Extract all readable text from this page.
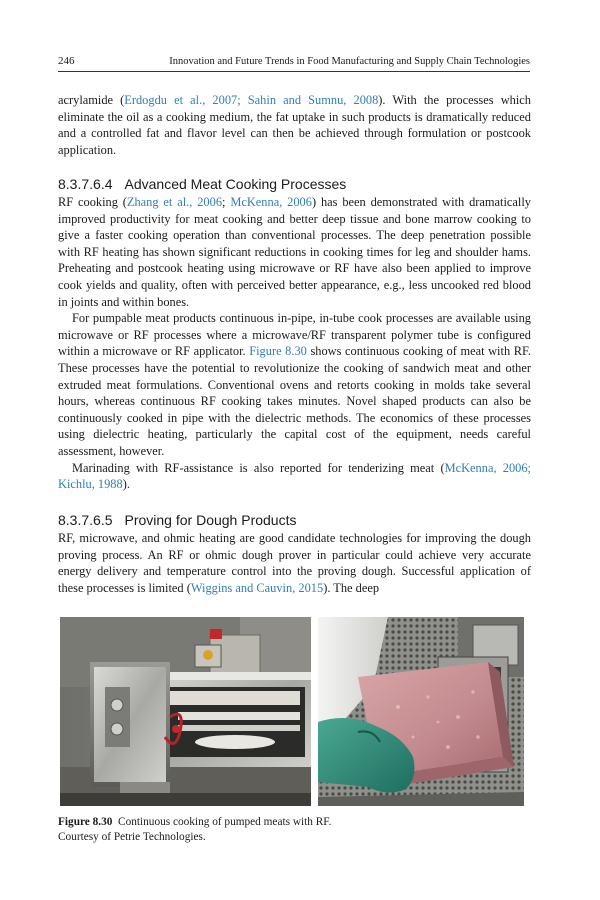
246	Innovation and Future Trends in Food Manufacturing and Supply Chain Technologies

acrylamide (Erdogdu et al., 2007; Sahin and Sumnu, 2008). With the processes which eliminate the oil as a cooking medium, the fat uptake in such products is dramatically reduced and a controlled fat and flavor level can then be achieved through formulation or postcook application.

8.3.7.6.4 Advanced Meat Cooking Processes

RF cooking (Zhang et al., 2006; McKenna, 2006) has been demonstrated with dramatically improved productivity for meat cooking and better deep tissue and bone marrow cooking to give a faster cooking operation than conventional processes. The deep penetration possible with RF heating has shown significant reductions in cooking times for leg and shoulder hams. Preheating and postcook heating using microwave or RF have also been applied to improve cook yields and quality, often with perceived better appearance, e.g., less uncooked red blood in joints and within bones.

For pumpable meat products continuous in-pipe, in-tube cook processes are available using microwave or RF processes where a microwave/RF transparent polymer tube is configured within a microwave or RF applicator. Figure 8.30 shows continuous cooking of meat with RF. These processes have the potential to revolutionize the cooking of sandwich meat and other extruded meat formulations. Conventional ovens and retorts cooking in molds take several hours, whereas continuous RF cooking takes minutes. Novel shaped products can also be continuously cooked in pipe with the dielectric methods. The economics of these processes using dielectric heating, particularly the capital cost of the equipment, needs careful assessment, however.

Marinading with RF-assistance is also reported for tenderizing meat (McKenna, 2006; Kichlu, 1988).

8.3.7.6.5 Proving for Dough Products

RF, microwave, and ohmic heating are good candidate technologies for improving the dough proving process. An RF or ohmic dough prover in particular could achieve very accurate energy delivery and temperature control into the proving dough. Successful application of these processes is limited (Wiggins and Cauvin, 2015). The deep

Figure 8.30 Continuous cooking of pumped meats with RF.
Courtesy of Petrie Technologies.
